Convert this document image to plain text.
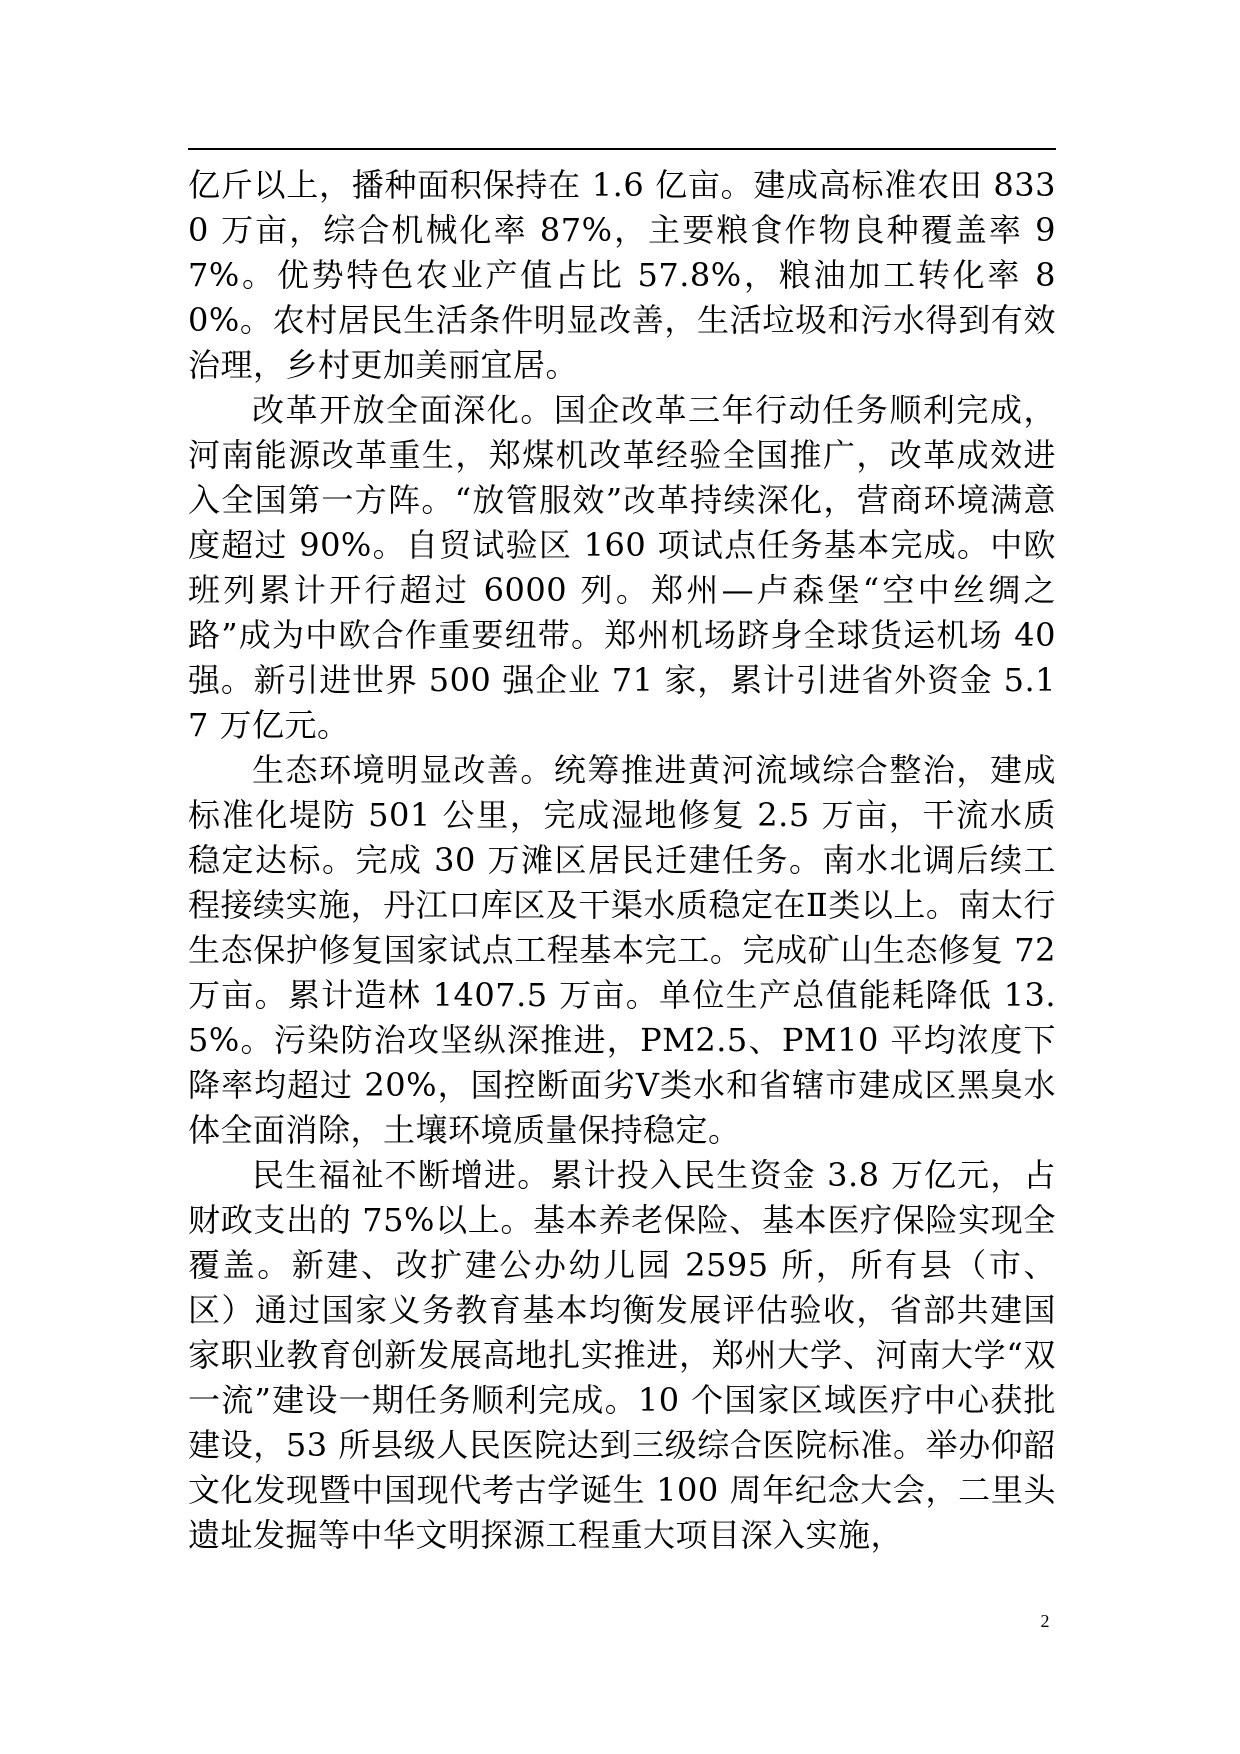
亿斤以上，播种面积保持在 1.6 亿亩。建成高标准农田 8330 万亩，综合机械化率 87%，主要粮食作物良种覆盖率 97%。优势特色农业产值占比 57.8%，粮油加工转化率 80%。农村居民生活条件明显改善，生活垃圾和污水得到有效治理，乡村更加美丽宜居。

改革开放全面深化。国企改革三年行动任务顺利完成，河南能源改革重生，郑煤机改革经验全国推广，改革成效进入全国第一方阵。“放管服效”改革持续深化，营商环境满意度超过 90%。自贸试验区 160 项试点任务基本完成。中欧班列累计开行超过 6000 列。郑州—卢森堡“空中丝绸之路”成为中欧合作重要纽带。郑州机场跻身全球货运机场 40 强。新引进世界 500 强企业 71 家，累计引进省外资金 5.17 万亿元。

生态环境明显改善。统筹推进黄河流域综合整治，建成标准化堤防 501 公里，完成湿地修复 2.5 万亩，干流水质稳定达标。完成 30 万滩区居民迁建任务。南水北调后续工程接续实施，丹江口库区及干渠水质稳定在Ⅱ类以上。南太行生态保护修复国家试点工程基本完工。完成矿山生态修复 72 万亩。累计造林 1407.5 万亩。单位生产总值能耗降低 13.5%。污染防治攻坚纵深推进，PM2.5、PM10 平均浓度下降率均超过 20%，国控断面劣Ⅴ类水和省辖市建成区黑臭水体全面消除，土壤环境质量保持稳定。

民生福祉不断增进。累计投入民生资金 3.8 万亿元，占财政支出的 75%以上。基本养老保险、基本医疗保险实现全覆盖。新建、改扩建公办幼儿园 2595 所，所有县（市、区）通过国家义务教育基本均衡发展评估验收，省部共建国家职业教育创新发展高地扎实推进，郑州大学、河南大学“双一流”建设一期任务顺利完成。10 个国家区域医疗中心获批建设，53 所县级人民医院达到三级综合医院标准。举办仰韶文化发现暨中国现代考古学诞生 100 周年纪念大会，二里头遗址发掘等中华文明探源工程重大项目深入实施，

2
